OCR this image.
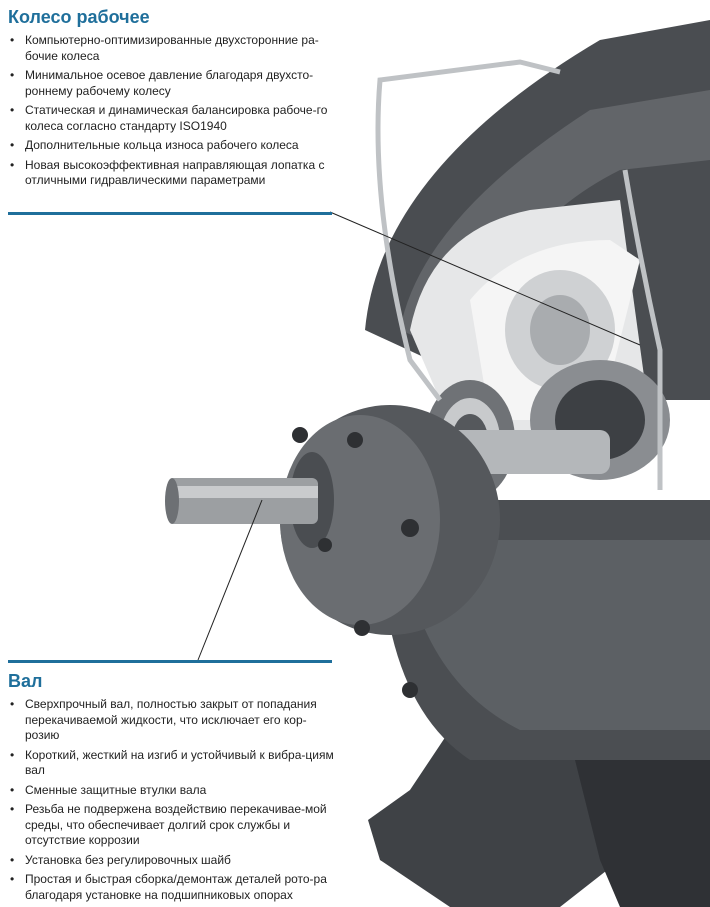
Колесо рабочее
• Компьютерно-оптимизированные двухсторонние ра-бочие колеса
• Минимальное осевое давление благодаря двухсто-роннему рабочему колесу
• Статическая и динамическая балансировка рабоче-го колеса согласно стандарту ISO1940
• Дополнительные кольца износа рабочего колеса
• Новая высокоэффективная направляющая лопатка с отличными гидравлическими параметрами
Вал
• Сверхпрочный вал, полностью закрыт от попадания перекачиваемой жидкости, что исключает его кор-розию
• Короткий, жесткий на изгиб и устойчивый к вибра-циям вал
• Сменные защитные втулки вала
• Резьба не подвержена воздействию перекачивае-мой среды, что обеспечивает долгий срок службы и отсутствие коррозии
• Установка без регулировочных шайб
• Простая и быстрая сборка/демонтаж деталей рото-ра благодаря установке на подшипниковых опорах
